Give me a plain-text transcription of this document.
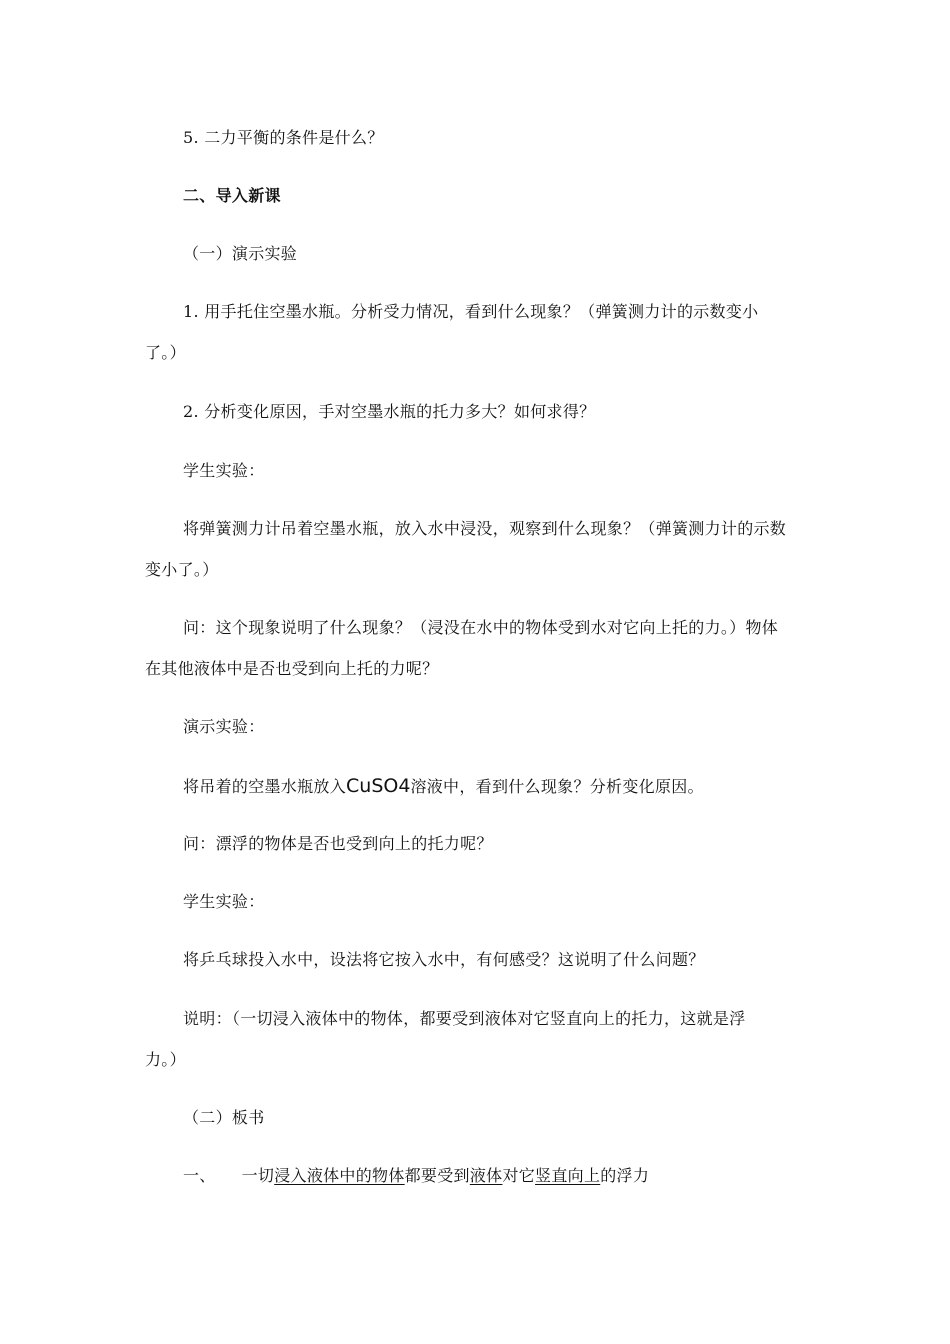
5. 二力平衡的条件是什么？
二、导入新课
（一）演示实验
1. 用手托住空墨水瓶。分析受力情况，看到什么现象？（弹簧测力计的示数变小
了。）
2. 分析变化原因，手对空墨水瓶的托力多大？如何求得？
学生实验：
将弹簧测力计吊着空墨水瓶，放入水中浸没，观察到什么现象？（弹簧测力计的示数
变小了。）
问：这个现象说明了什么现象？（浸没在水中的物体受到水对它向上托的力。）物体
在其他液体中是否也受到向上托的力呢？
演示实验：
将吊着的空墨水瓶放入CuSO4溶液中，看到什么现象？分析变化原因。
问：漂浮的物体是否也受到向上的托力呢？
学生实验：
将乒乓球投入水中，设法将它按入水中，有何感受？这说明了什么问题？
说明：（一切浸入液体中的物体，都要受到液体对它竖直向上的托力，这就是浮
力。）
（二）板书
一、 一切浸入液体中的物体都要受到液体对它竖直向上的浮力
